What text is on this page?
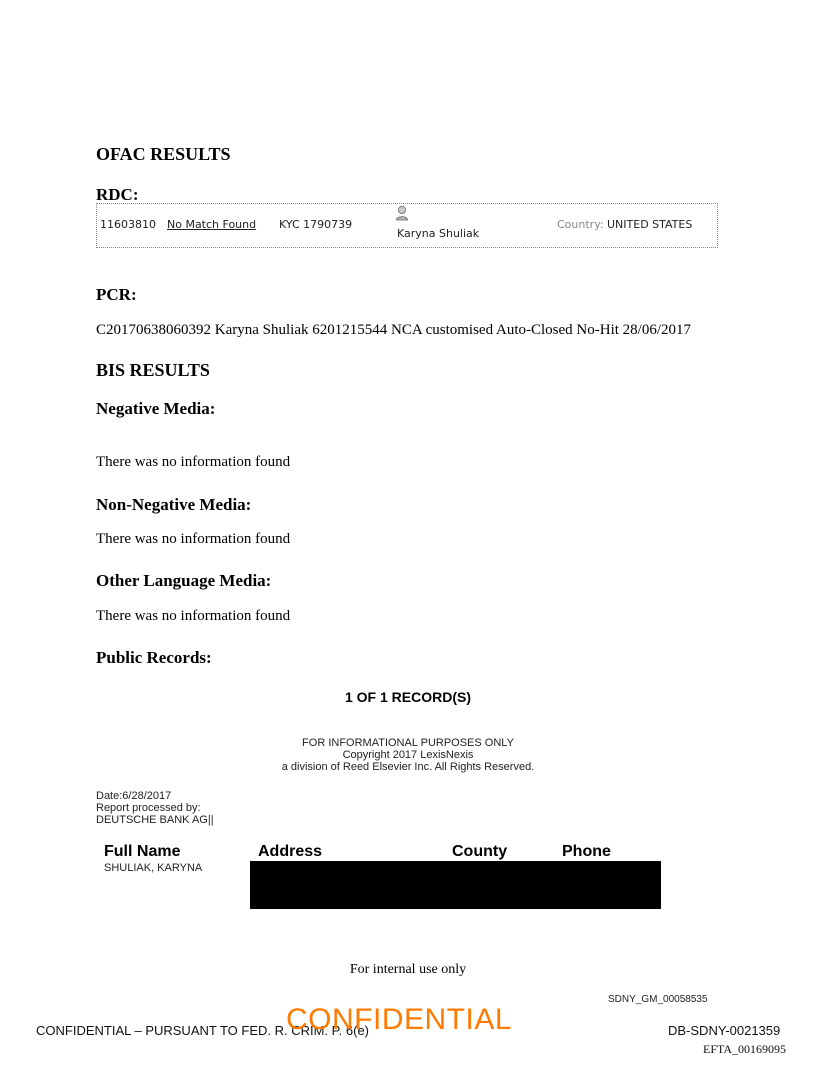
OFAC RESULTS
RDC:
11603810 No Match Found KYC 1790739
Karyna Shuliak
Country: UNITED STATES
PCR:
C20170638060392 Karyna Shuliak 6201215544 NCA customised Auto-Closed No-Hit 28/06/2017
BIS RESULTS
Negative Media:
There was no information found
Non-Negative Media:
There was no information found
Other Language Media:
There was no information found
Public Records:
1 OF 1 RECORD(S)
FOR INFORMATIONAL PURPOSES ONLY
Copyright 2017 LexisNexis
a division of Reed Elsevier Inc. All Rights Reserved.
Date:6/28/2017
Report processed by:
DEUTSCHE BANK AG||
Full Name	Address	County	Phone
SHULIAK, KARYNA
For internal use only
SDNY_GM_00058535
CONFIDENTIAL – PURSUANT TO FED. R. CRIM. P. 6(e)
CONFIDENTIAL	DB-SDNY-0021359
EFTA_00169095
